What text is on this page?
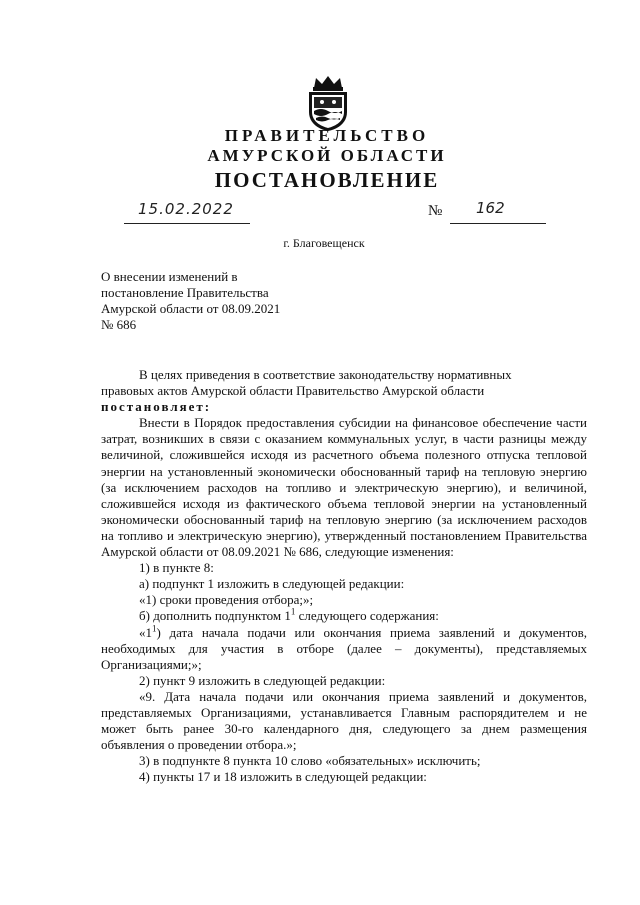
ПРАВИТЕЛЬСТВО
АМУРСКОЙ ОБЛАСТИ
ПОСТАНОВЛЕНИЕ
15.02.2022	№ 162
г. Благовещенск
О внесении изменений в
постановление Правительства
Амурской области от 08.09.2021
№ 686

В целях приведения в соответствие законодательству нормативных

правовых актов Амурской области Правительство Амурской области

постановляет:

Внести в Порядок предоставления субсидии на финансовое обеспечение части затрат, возникших в связи с оказанием коммунальных услуг, в части разницы между величиной, сложившейся исходя из расчетного объема полезного отпуска тепловой энергии на установленный экономически обоснованный тариф на тепловую энергию (за исключением расходов на топливо и электрическую энергию), и величиной, сложившейся исходя из фактического объема тепловой энергии на установленный экономически обоснованный тариф на тепловую энергию (за исключением расходов на топливо и электрическую энергию), утвержденный постановлением Правительства Амурской области от 08.09.2021 № 686, следующие изменения:

1) в пункте 8:

а) подпункт 1 изложить в следующей редакции:

«1) сроки проведения отбора;»;

б) дополнить подпунктом $1^1$ следующего содержания:

«$1^1$) дата начала подачи или окончания приема заявлений и документов, необходимых для участия в отборе (далее – документы), представляемых Организациями;»;

2) пункт 9 изложить в следующей редакции:

«9. Дата начала подачи или окончания приема заявлений и документов, представляемых Организациями, устанавливается Главным распорядителем и не может быть ранее 30-го календарного дня, следующего за днем размещения объявления о проведении отбора.»;

3) в подпункте 8 пункта 10 слово «обязательных» исключить;

4) пункты 17 и 18 изложить в следующей редакции:
